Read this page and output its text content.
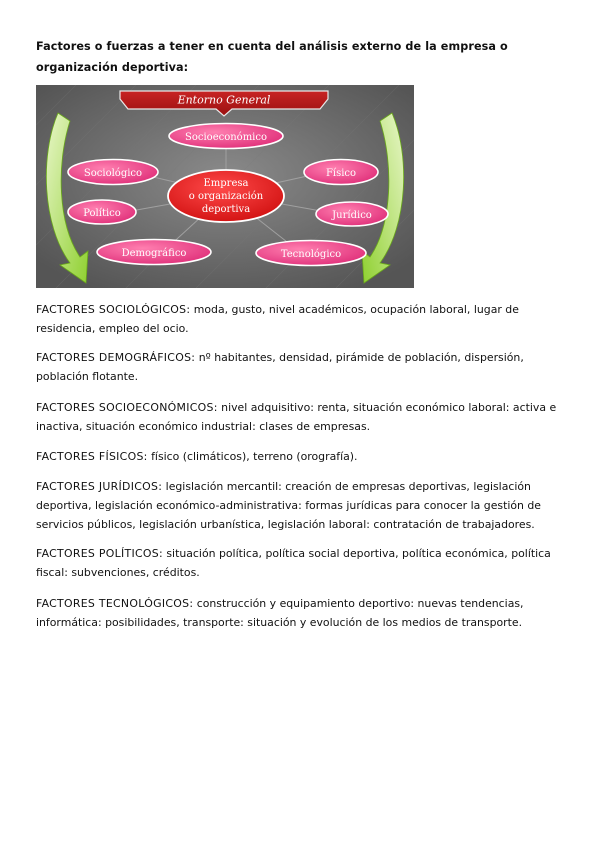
Factores o fuerzas a tener en cuenta del análisis externo de la empresa o organización deportiva:
Entorno General
Socioeconómico
Sociológico	Físico
Político	Jurídico
Demográfico	Tecnológico
Empresa
o organización
deportiva

FACTORES SOCIOLÓGICOS: moda, gusto, nivel académicos, ocupación laboral, lugar de residencia, empleo del ocio.

FACTORES DEMOGRÁFICOS: nº habitantes, densidad, pirámide de población, dispersión, población flotante.

FACTORES SOCIOECONÓMICOS: nivel adquisitivo: renta, situación económico laboral: activa e inactiva, situación económico industrial: clases de empresas.

FACTORES FÍSICOS: físico (climáticos), terreno (orografía).

FACTORES JURÍDICOS: legislación mercantil: creación de empresas deportivas, legislación deportiva, legislación económico-administrativa: formas jurídicas para conocer la gestión de servicios públicos, legislación urbanística, legislación laboral: contratación de trabajadores.

FACTORES POLÍTICOS: situación política, política social deportiva, política económica, política fiscal: subvenciones, créditos.

FACTORES TECNOLÓGICOS: construcción y equipamiento deportivo: nuevas tendencias, informática: posibilidades, transporte: situación y evolución de los medios de transporte.
